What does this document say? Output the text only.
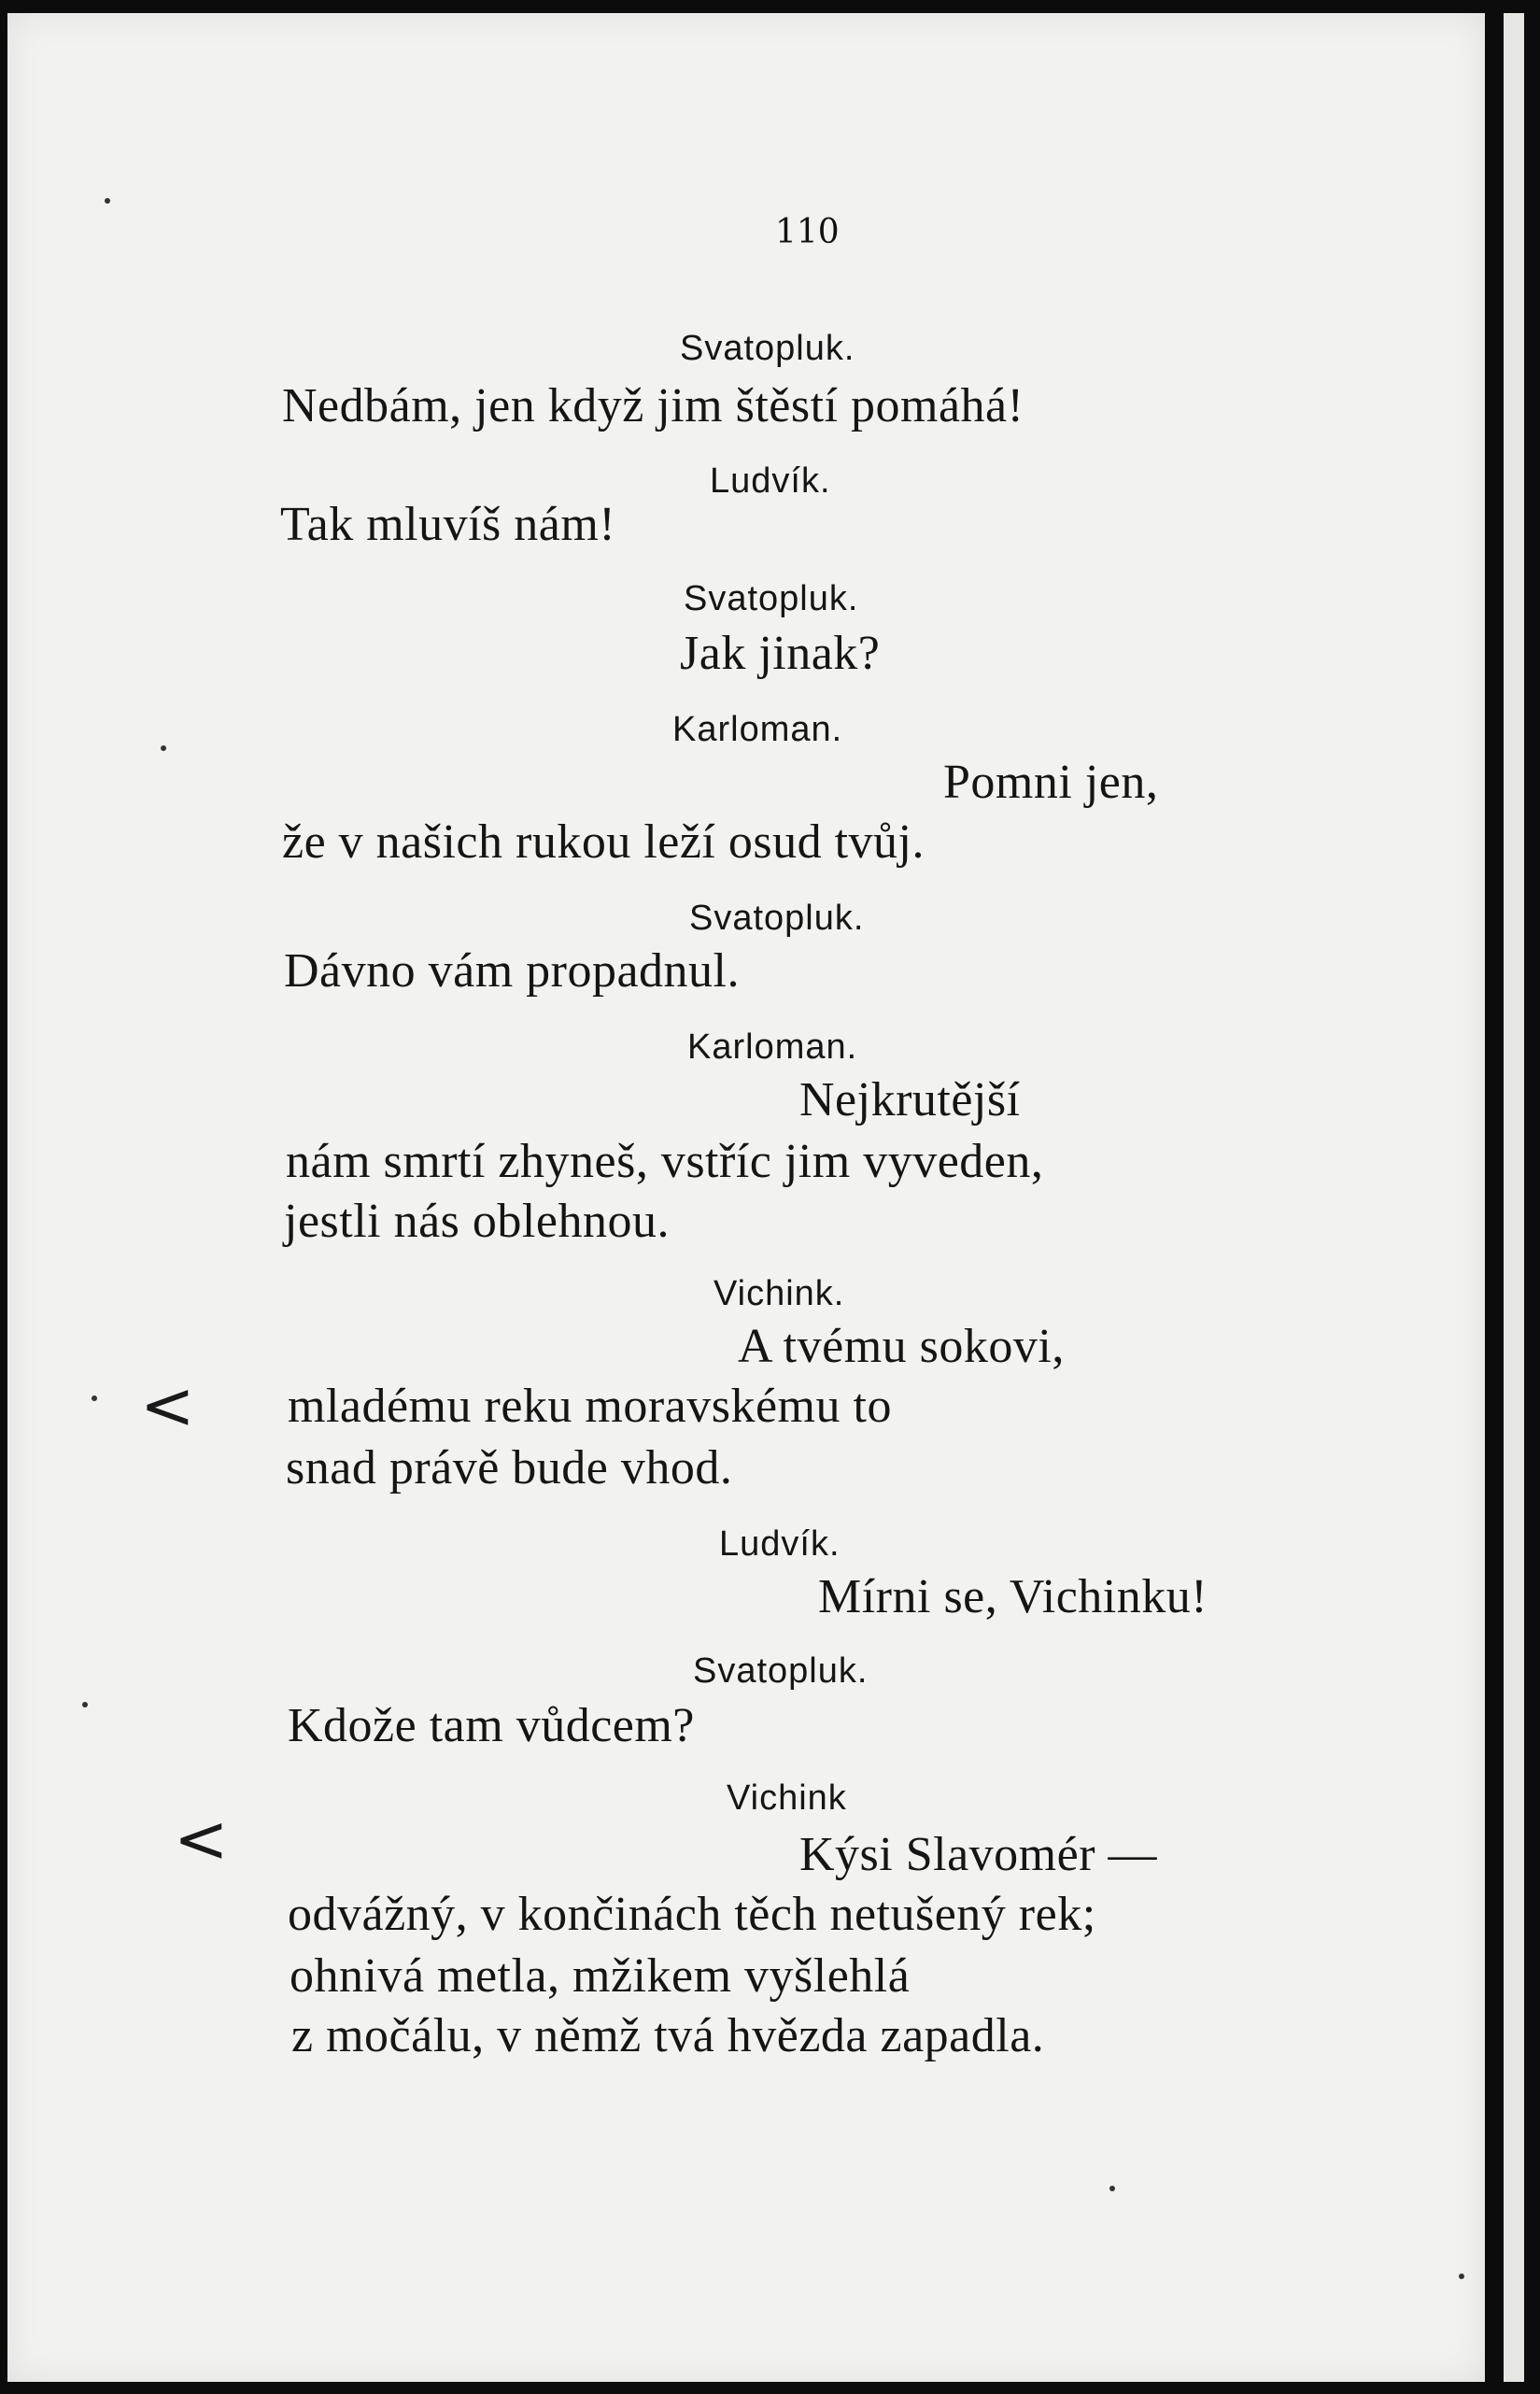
110
Svatopluk.
Nedbám, jen když jim štěstí pomáhá!
Ludvík.
Tak mluvíš nám!
Svatopluk.
Jak jinak?
Karloman.
Pomni jen,
že v našich rukou leží osud tvůj.
Svatopluk.
Dávno vám propadnul.
Karloman.
Nejkrutější
nám smrtí zhyneš, vstříc jim vyveden,
jestli nás oblehnou.
Vichink.
A tvému sokovi,
mladému reku moravskému to
snad právě bude vhod.
Ludvík.
Mírni se, Vichinku!
Svatopluk.
Kdože tam vůdcem?
Vichink
Kýsi Slavomér —
odvážný, v končinách těch netušený rek;
ohnivá metla, mžikem vyšlehlá
z močálu, v němž tvá hvězda zapadla.
<
<
